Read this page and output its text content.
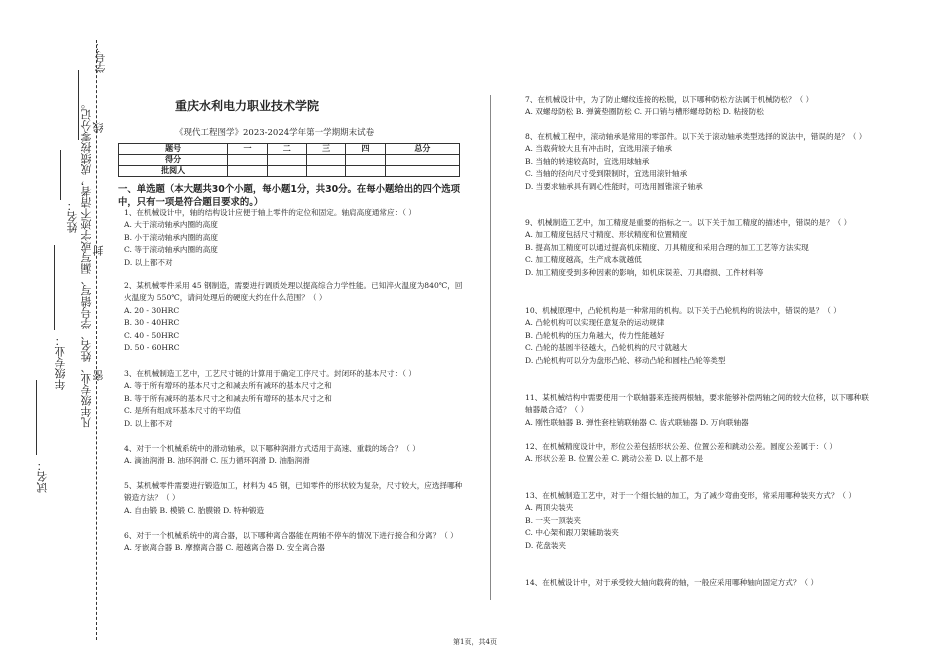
学号：
线
姓名：
封
凡年级专业、姓名、学号错写、漏写或字迹不清者，成绩按零分记。
年级专业： 密
试名：
重庆水利电力职业技术学院
《现代工程图学》2023-2024学年第一学期期末试卷
题号	一	二	三	四	总分
得分					
批阅人					
一、单选题（本大题共30个小题，每小题1分，共30分。在每小题给出的四个选项中，只有一项是符合题目要求的。）
1、在机械设计中，轴的结构设计应便于轴上零件的定位和固定。轴肩高度通常应：（ ）
A. 大于滚动轴承内圈的高度
B. 小于滚动轴承内圈的高度
C. 等于滚动轴承内圈的高度
D. 以上都不对
2、某机械零件采用 45 钢制造，需要进行调质处理以提高综合力学性能。已知淬火温度为840℃，回火温度为 550℃，请问处理后的硬度大约在什么范围？（ ）
A. 20 - 30HRC
B. 30 - 40HRC
C. 40 - 50HRC
D. 50 - 60HRC
3、在机械制造工艺中，工艺尺寸链的计算用于确定工序尺寸。封闭环的基本尺寸：（ ）
A. 等于所有增环的基本尺寸之和减去所有减环的基本尺寸之和
B. 等于所有减环的基本尺寸之和减去所有增环的基本尺寸之和
C. 是所有组成环基本尺寸的平均值
D. 以上都不对
4、对于一个机械系统中的滑动轴承，以下哪种润滑方式适用于高速、重载的场合？（ ）
A. 滴油润滑 B. 油环润滑 C. 压力循环润滑 D. 油脂润滑
5、某机械零件需要进行锻造加工，材料为 45 钢，已知零件的形状较为复杂，尺寸较大，应选择哪种锻造方法？（ ）
A. 自由锻 B. 模锻 C. 胎膜锻 D. 特种锻造
6、对于一个机械系统中的离合器，以下哪种离合器能在两轴不停车的情况下进行接合和分离？（ ）
A. 牙嵌离合器 B. 摩擦离合器 C. 超越离合器 D. 安全离合器
7、在机械设计中，为了防止螺纹连接的松脱，以下哪种防松方法属于机械防松？（ ）
A. 双螺母防松 B. 弹簧垫圈防松 C. 开口销与槽形螺母防松 D. 粘接防松
8、在机械工程中，滚动轴承是常用的零部件。以下关于滚动轴承类型选择的说法中，错误的是？（ ）
A. 当载荷较大且有冲击时，宜选用滚子轴承
B. 当轴的转速较高时，宜选用球轴承
C. 当轴的径向尺寸受到限制时，宜选用滚针轴承
D. 当要求轴承具有调心性能时，可选用圆锥滚子轴承
9、机械制造工艺中，加工精度是重要的指标之一。以下关于加工精度的描述中，错误的是？（ ）
A. 加工精度包括尺寸精度、形状精度和位置精度
B. 提高加工精度可以通过提高机床精度、刀具精度和采用合理的加工工艺等方法实现
C. 加工精度越高，生产成本就越低
D. 加工精度受到多种因素的影响，如机床误差、刀具磨损、工件材料等
10、机械原理中，凸轮机构是一种常用的机构。以下关于凸轮机构的说法中，错误的是？（ ）
A. 凸轮机构可以实现任意复杂的运动规律
B. 凸轮机构的压力角越大，传力性能越好
C. 凸轮的基圆半径越大，凸轮机构的尺寸就越大
D. 凸轮机构可以分为盘形凸轮、移动凸轮和圆柱凸轮等类型
11、某机械结构中需要使用一个联轴器来连接两根轴，要求能够补偿两轴之间的较大位移，以下哪种联轴器最合适？（ ）
A. 刚性联轴器 B. 弹性套柱销联轴器 C. 齿式联轴器 D. 万向联轴器
12、在机械精度设计中，形位公差包括形状公差、位置公差和跳动公差。圆度公差属于：（ ）
A. 形状公差 B. 位置公差 C. 跳动公差 D. 以上都不是
13、在机械制造工艺中，对于一个细长轴的加工，为了减少弯曲变形，常采用哪种装夹方式？（ ）
A. 两顶尖装夹
B. 一夹一顶装夹
C. 中心架和跟刀架辅助装夹
D. 花盘装夹
14、在机械设计中，对于承受较大轴向载荷的轴，一般应采用哪种轴向固定方式？（ ）
第1页，共4页
